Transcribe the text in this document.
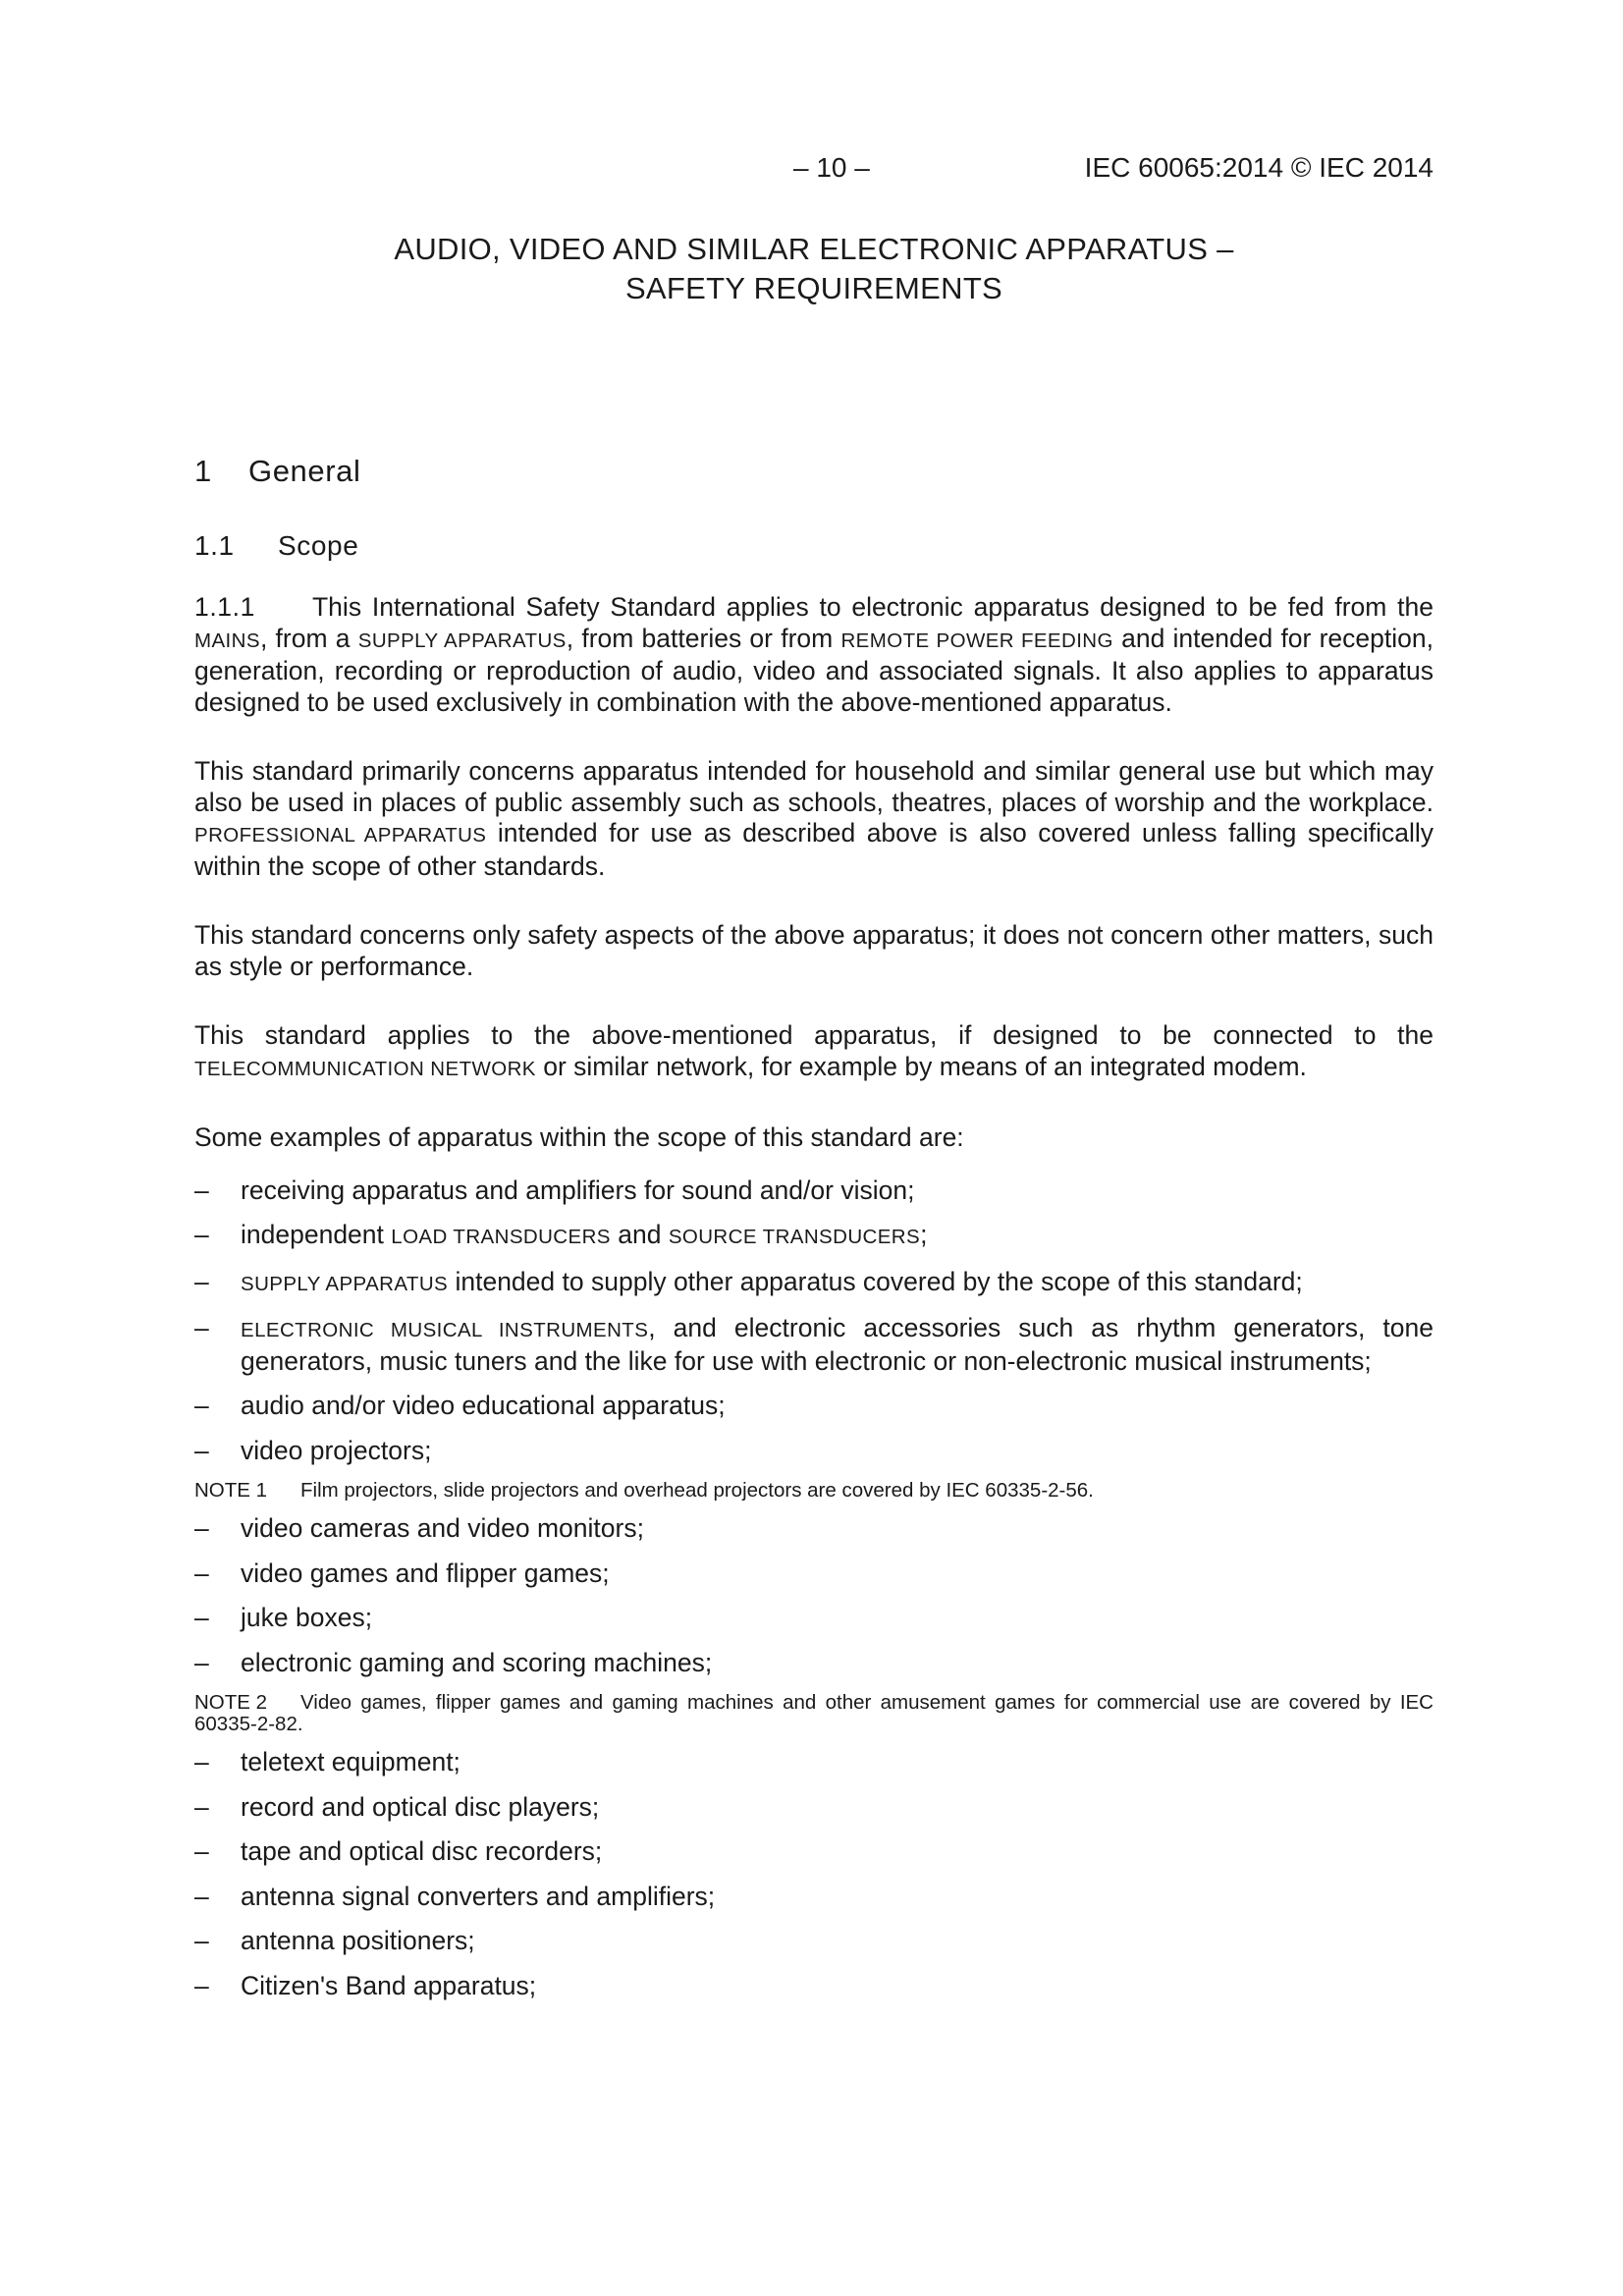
– 10 –	IEC 60065:2014 © IEC 2014
AUDIO, VIDEO AND SIMILAR ELECTRONIC APPARATUS –
SAFETY REQUIREMENTS
1 General
1.1 Scope

1.1.1 This International Safety Standard applies to electronic apparatus designed to be fed from the MAINS, from a SUPPLY APPARATUS, from batteries or from REMOTE POWER FEEDING and intended for reception, generation, recording or reproduction of audio, video and associated signals. It also applies to apparatus designed to be used exclusively in combination with the above-mentioned apparatus.

This standard primarily concerns apparatus intended for household and similar general use but which may also be used in places of public assembly such as schools, theatres, places of worship and the workplace. PROFESSIONAL APPARATUS intended for use as described above is also covered unless falling specifically within the scope of other standards.

This standard concerns only safety aspects of the above apparatus; it does not concern other matters, such as style or performance.

This standard applies to the above-mentioned apparatus, if designed to be connected to the TELECOMMUNICATION NETWORK or similar network, for example by means of an integrated modem.

Some examples of apparatus within the scope of this standard are:

– receiving apparatus and amplifiers for sound and/or vision;
– independent LOAD TRANSDUCERS and SOURCE TRANSDUCERS;
– SUPPLY APPARATUS intended to supply other apparatus covered by the scope of this standard;
– ELECTRONIC MUSICAL INSTRUMENTS, and electronic accessories such as rhythm generators, tone generators, music tuners and the like for use with electronic or non-electronic musical instruments;
– audio and/or video educational apparatus;
– video projectors;
NOTE 1 Film projectors, slide projectors and overhead projectors are covered by IEC 60335-2-56.
– video cameras and video monitors;
– video games and flipper games;
– juke boxes;
– electronic gaming and scoring machines;
NOTE 2 Video games, flipper games and gaming machines and other amusement games for commercial use are covered by IEC 60335-2-82.
– teletext equipment;
– record and optical disc players;
– tape and optical disc recorders;
– antenna signal converters and amplifiers;
– antenna positioners;
– Citizen's Band apparatus;
